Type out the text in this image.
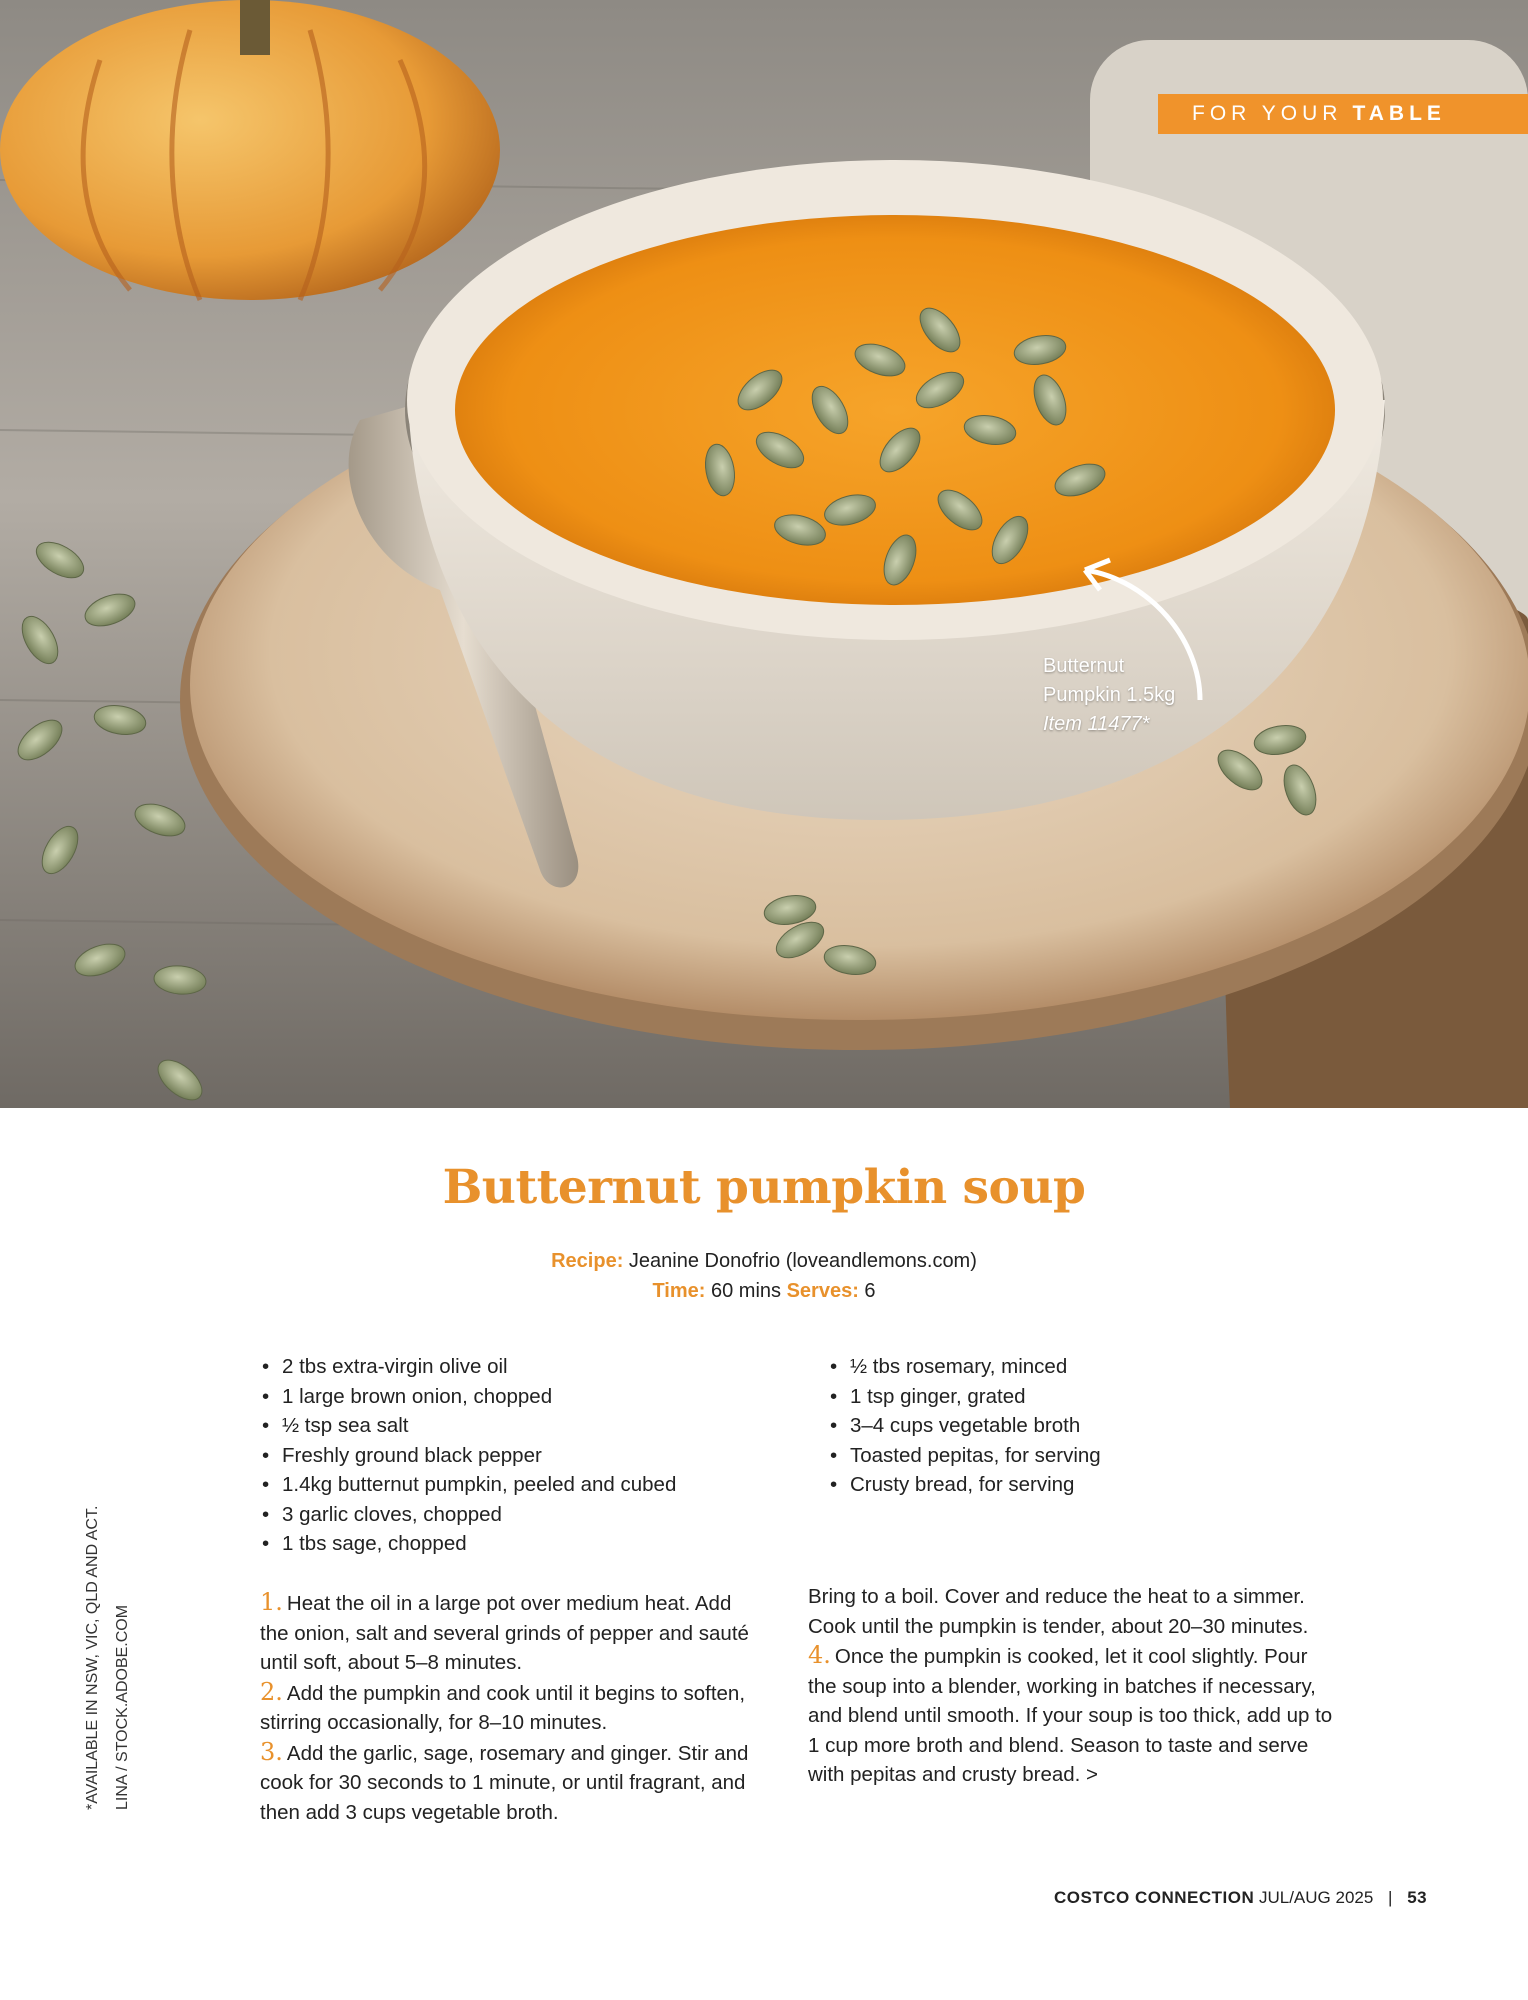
FOR YOUR TABLE
Butternut
Pumpkin 1.5kg
Item 11477*
Butternut pumpkin soup
Recipe: Jeanine Donofrio (loveandlemons.com)
Time: 60 mins Serves: 6
• 2 tbs extra-virgin olive oil
• 1 large brown onion, chopped
• ½ tsp sea salt
• Freshly ground black pepper
• 1.4kg butternut pumpkin, peeled and cubed
• 3 garlic cloves, chopped
• 1 tbs sage, chopped
• ½ tbs rosemary, minced
• 1 tsp ginger, grated
• 3–4 cups vegetable broth
• Toasted pepitas, for serving
• Crusty bread, for serving

1. Heat the oil in a large pot over medium heat. Add the onion, salt and several grinds of pepper and sauté until soft, about 5–8 minutes.

2. Add the pumpkin and cook until it begins to soften, stirring occasionally, for 8–10 minutes.

3. Add the garlic, sage, rosemary and ginger. Stir and cook for 30 seconds to 1 minute, or until fragrant, and then add 3 cups vegetable broth.

Bring to a boil. Cover and reduce the heat to a simmer. Cook until the pumpkin is tender, about 20–30 minutes.

4. Once the pumpkin is cooked, let it cool slightly. Pour the soup into a blender, working in batches if necessary, and blend until smooth. If your soup is too thick, add up to 1 cup more broth and blend. Season to taste and serve with pepitas and crusty bread. >

*AVAILABLE IN NSW, VIC, QLD AND ACT. LINA / STOCK.ADOBE.COM
COSTCO CONNECTION JUL/AUG 2025 | 53
